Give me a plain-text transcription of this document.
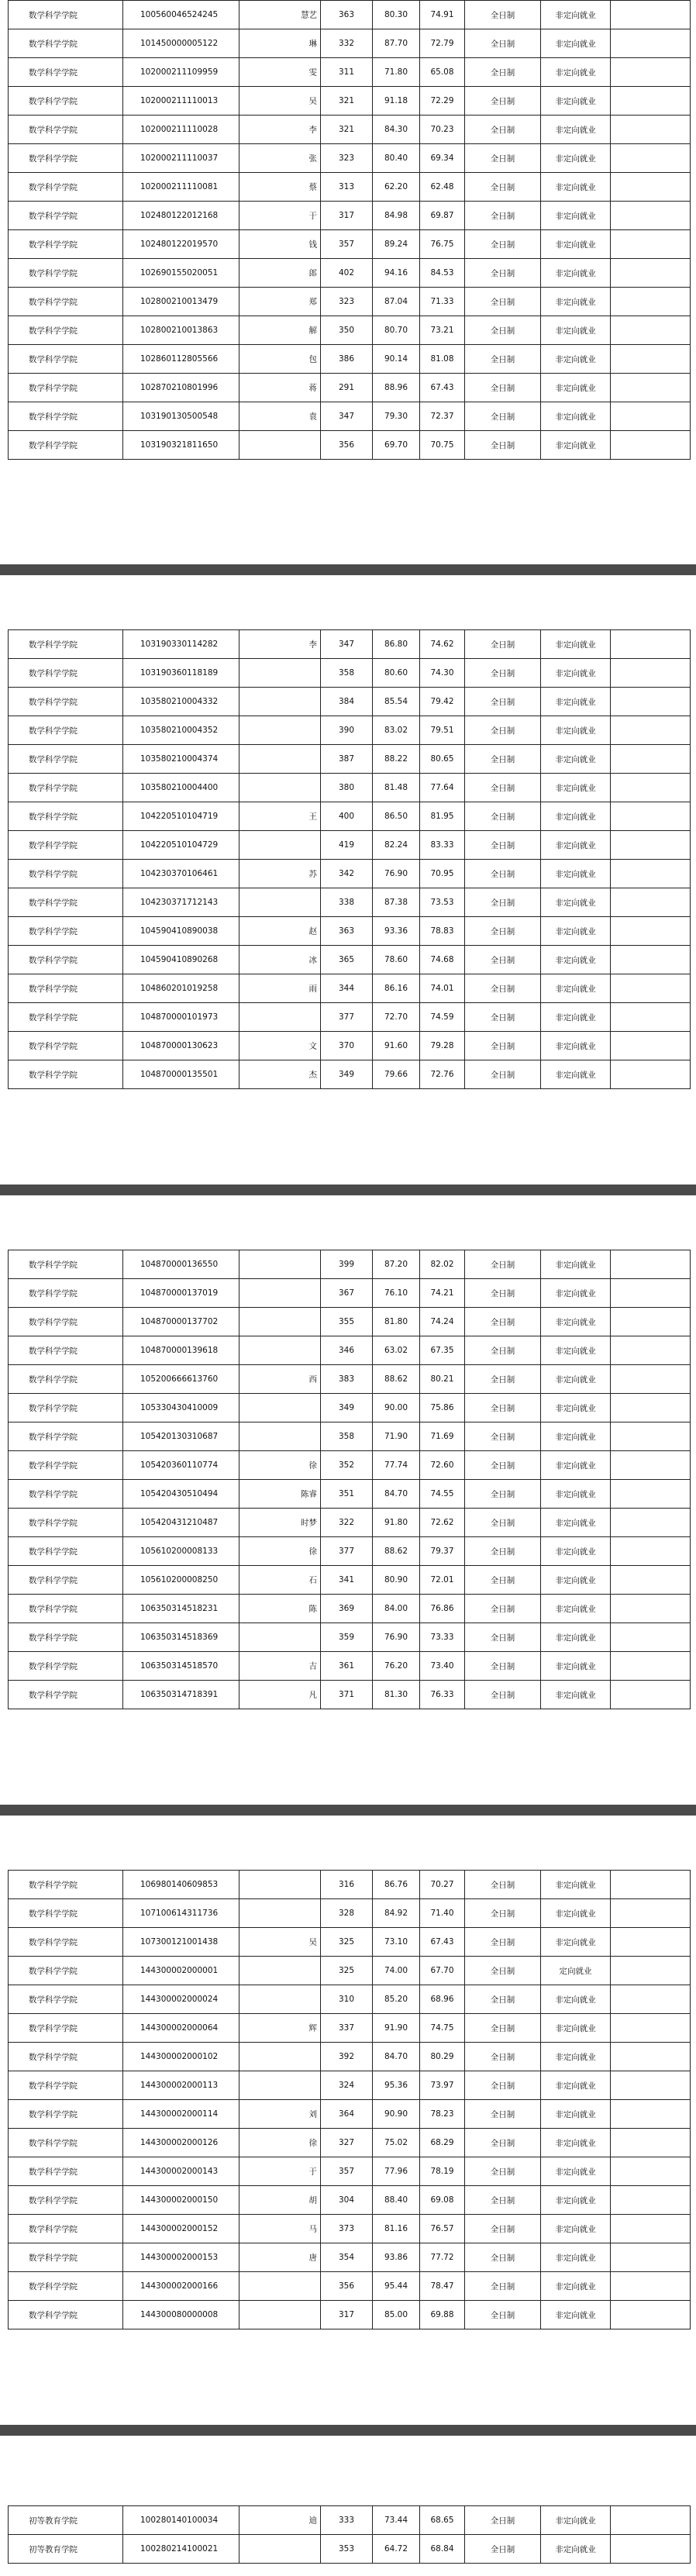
数学科学学院	100560046524245	慧艺	363	80.30	74.91	全日制	非定向就业	
数学科学学院	101450000005122	琳	332	87.70	72.79	全日制	非定向就业	
数学科学学院	102000211109959	雯	311	71.80	65.08	全日制	非定向就业	
数学科学学院	102000211110013	吴	321	91.18	72.29	全日制	非定向就业	
数学科学学院	102000211110028	李	321	84.30	70.23	全日制	非定向就业	
数学科学学院	102000211110037	张	323	80.40	69.34	全日制	非定向就业	
数学科学学院	102000211110081	蔡	313	62.20	62.48	全日制	非定向就业	
数学科学学院	102480122012168	于	317	84.98	69.87	全日制	非定向就业	
数学科学学院	102480122019570	钱	357	89.24	76.75	全日制	非定向就业	
数学科学学院	102690155020051	郎	402	94.16	84.53	全日制	非定向就业	
数学科学学院	102800210013479	郑	323	87.04	71.33	全日制	非定向就业	
数学科学学院	102800210013863	解	350	80.70	73.21	全日制	非定向就业	
数学科学学院	102860112805566	包	386	90.14	81.08	全日制	非定向就业	
数学科学学院	102870210801996	蒋	291	88.96	67.43	全日制	非定向就业	
数学科学学院	103190130500548	袁	347	79.30	72.37	全日制	非定向就业	
数学科学学院	103190321811650		356	69.70	70.75	全日制	非定向就业	
数学科学学院	103190330114282	李	347	86.80	74.62	全日制	非定向就业	
数学科学学院	103190360118189		358	80.60	74.30	全日制	非定向就业	
数学科学学院	103580210004332		384	85.54	79.42	全日制	非定向就业	
数学科学学院	103580210004352		390	83.02	79.51	全日制	非定向就业	
数学科学学院	103580210004374		387	88.22	80.65	全日制	非定向就业	
数学科学学院	103580210004400		380	81.48	77.64	全日制	非定向就业	
数学科学学院	104220510104719	王	400	86.50	81.95	全日制	非定向就业	
数学科学学院	104220510104729		419	82.24	83.33	全日制	非定向就业	
数学科学学院	104230370106461	苏	342	76.90	70.95	全日制	非定向就业	
数学科学学院	104230371712143		338	87.38	73.53	全日制	非定向就业	
数学科学学院	104590410890038	赵	363	93.36	78.83	全日制	非定向就业	
数学科学学院	104590410890268	冰	365	78.60	74.68	全日制	非定向就业	
数学科学学院	104860201019258	雨	344	86.16	74.01	全日制	非定向就业	
数学科学学院	104870000101973		377	72.70	74.59	全日制	非定向就业	
数学科学学院	104870000130623	文	370	91.60	79.28	全日制	非定向就业	
数学科学学院	104870000135501	杰	349	79.66	72.76	全日制	非定向就业	
数学科学学院	104870000136550		399	87.20	82.02	全日制	非定向就业	
数学科学学院	104870000137019		367	76.10	74.21	全日制	非定向就业	
数学科学学院	104870000137702		355	81.80	74.24	全日制	非定向就业	
数学科学学院	104870000139618		346	63.02	67.35	全日制	非定向就业	
数学科学学院	105200666613760	西	383	88.62	80.21	全日制	非定向就业	
数学科学学院	105330430410009		349	90.00	75.86	全日制	非定向就业	
数学科学学院	105420130310687		358	71.90	71.69	全日制	非定向就业	
数学科学学院	105420360110774	徐	352	77.74	72.60	全日制	非定向就业	
数学科学学院	105420430510494	陈睿	351	84.70	74.55	全日制	非定向就业	
数学科学学院	105420431210487	时梦	322	91.80	72.62	全日制	非定向就业	
数学科学学院	105610200008133	徐	377	88.62	79.37	全日制	非定向就业	
数学科学学院	105610200008250	石	341	80.90	72.01	全日制	非定向就业	
数学科学学院	106350314518231	陈	369	84.00	76.86	全日制	非定向就业	
数学科学学院	106350314518369		359	76.90	73.33	全日制	非定向就业	
数学科学学院	106350314518570	吉	361	76.20	73.40	全日制	非定向就业	
数学科学学院	106350314718391	凡	371	81.30	76.33	全日制	非定向就业	
数学科学学院	106980140609853		316	86.76	70.27	全日制	非定向就业	
数学科学学院	107100614311736		328	84.92	71.40	全日制	非定向就业	
数学科学学院	107300121001438	吴	325	73.10	67.43	全日制	非定向就业	
数学科学学院	144300002000001		325	74.00	67.70	全日制	定向就业	
数学科学学院	144300002000024		310	85.20	68.96	全日制	非定向就业	
数学科学学院	144300002000064	辉	337	91.90	74.75	全日制	非定向就业	
数学科学学院	144300002000102		392	84.70	80.29	全日制	非定向就业	
数学科学学院	144300002000113		324	95.36	73.97	全日制	非定向就业	
数学科学学院	144300002000114	刘	364	90.90	78.23	全日制	非定向就业	
数学科学学院	144300002000126	徐	327	75.02	68.29	全日制	非定向就业	
数学科学学院	144300002000143	于	357	77.96	78.19	全日制	非定向就业	
数学科学学院	144300002000150	胡	304	88.40	69.08	全日制	非定向就业	
数学科学学院	144300002000152	马	373	81.16	76.57	全日制	非定向就业	
数学科学学院	144300002000153	唐	354	93.86	77.72	全日制	非定向就业	
数学科学学院	144300002000166		356	95.44	78.47	全日制	非定向就业	
数学科学学院	144300080000008		317	85.00	69.88	全日制	非定向就业	
初等教育学院	100280140100034	迪	333	73.44	68.65	全日制	非定向就业	
初等教育学院	100280214100021		353	64.72	68.84	全日制	非定向就业	
